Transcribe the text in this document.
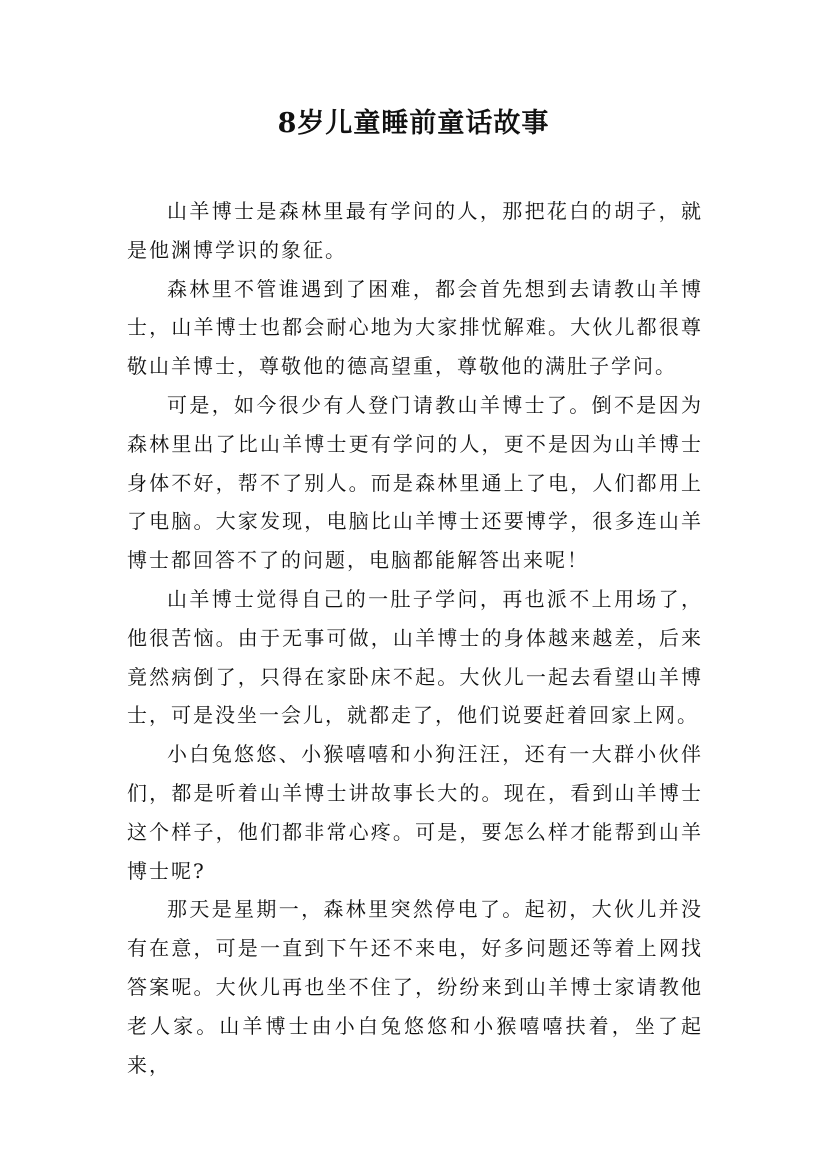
8岁儿童睡前童话故事

山羊博士是森林里最有学问的人，那把花白的胡子，就是他渊博学识的象征。

森林里不管谁遇到了困难，都会首先想到去请教山羊博士，山羊博士也都会耐心地为大家排忧解难。大伙儿都很尊敬山羊博士，尊敬他的德高望重，尊敬他的满肚子学问。

可是，如今很少有人登门请教山羊博士了。倒不是因为森林里出了比山羊博士更有学问的人，更不是因为山羊博士身体不好，帮不了别人。而是森林里通上了电，人们都用上了电脑。大家发现，电脑比山羊博士还要博学，很多连山羊博士都回答不了的问题，电脑都能解答出来呢！

山羊博士觉得自己的一肚子学问，再也派不上用场了，他很苦恼。由于无事可做，山羊博士的身体越来越差，后来竟然病倒了，只得在家卧床不起。大伙儿一起去看望山羊博士，可是没坐一会儿，就都走了，他们说要赶着回家上网。

小白兔悠悠、小猴嘻嘻和小狗汪汪，还有一大群小伙伴们，都是听着山羊博士讲故事长大的。现在，看到山羊博士这个样子，他们都非常心疼。可是，要怎么样才能帮到山羊博士呢?

那天是星期一，森林里突然停电了。起初，大伙儿并没有在意，可是一直到下午还不来电，好多问题还等着上网找答案呢。大伙儿再也坐不住了，纷纷来到山羊博士家请教他老人家。山羊博士由小白兔悠悠和小猴嘻嘻扶着，坐了起来，
